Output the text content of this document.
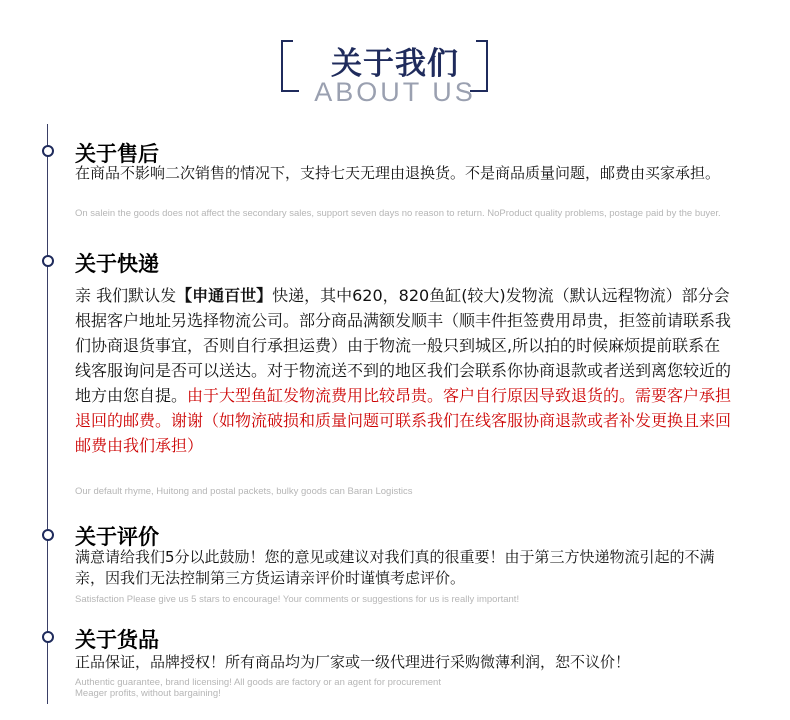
关于我们
ABOUT US
关于售后
在商品不影响二次销售的情况下，支持七天无理由退换货。不是商品质量问题，邮费由买家承担。
On salein the goods does not affect the secondary sales, support seven days no reason to return. NoProduct quality problems, postage paid by the buyer.
关于快递
亲 我们默认发【申通百世】快递，其中620，820鱼缸(较大)发物流（默认远程物流）部分会根据客户地址另选择物流公司。部分商品满额发顺丰（顺丰件拒签费用昂贵，拒签前请联系我们协商退货事宜，否则自行承担运费）由于物流一般只到城区,所以拍的时候麻烦提前联系在线客服询问是否可以送达。对于物流送不到的地区我们会联系你协商退款或者送到离您较近的地方由您自提。由于大型鱼缸发物流费用比较昂贵。客户自行原因导致退货的。需要客户承担退回的邮费。谢谢（如物流破损和质量问题可联系我们在线客服协商退款或者补发更换且来回邮费由我们承担）
Our default rhyme, Huitong and postal packets, bulky goods can Baran Logistics
关于评价
满意请给我们5分以此鼓励！您的意见或建议对我们真的很重要！由于第三方快递物流引起的不满亲，因我们无法控制第三方货运请亲评价时谨慎考虑评价。
Satisfaction Please give us 5 stars to encourage! Your comments or suggestions for us is really important!
关于货品
正品保证，品牌授权！所有商品均为厂家或一级代理进行采购微薄利润，恕不议价！
Authentic guarantee, brand licensing! All goods are factory or an agent for procurement
Meager profits, without bargaining!
